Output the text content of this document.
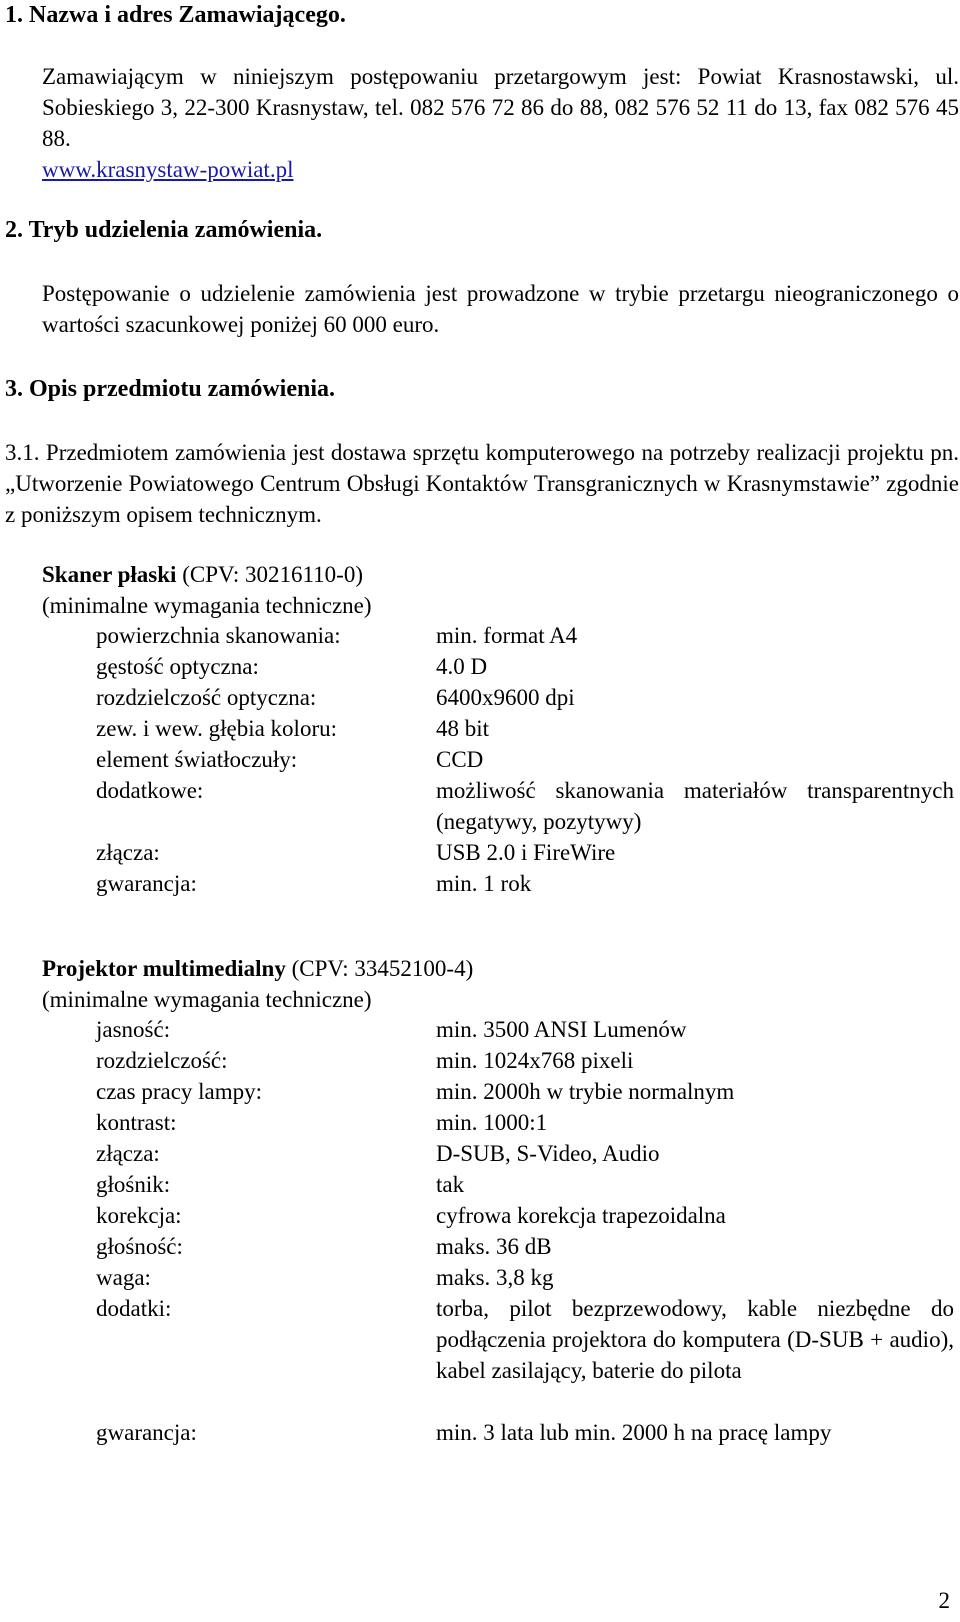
1. Nazwa i adres Zamawiającego.
Zamawiającym w niniejszym postępowaniu przetargowym jest: Powiat Krasnostawski, ul. Sobieskiego 3, 22-300 Krasnystaw, tel. 082 576 72 86 do 88, 082 576 52 11 do 13, fax 082 576 45 88.
www.krasnystaw-powiat.pl
2. Tryb udzielenia zamówienia.
Postępowanie o udzielenie zamówienia jest prowadzone w trybie przetargu nieograniczonego o wartości szacunkowej poniżej 60 000 euro.
3. Opis przedmiotu zamówienia.
3.1. Przedmiotem zamówienia jest dostawa sprzętu komputerowego na potrzeby realizacji projektu pn. „Utworzenie Powiatowego Centrum Obsługi Kontaktów Transgranicznych w Krasnymstawie” zgodnie z poniższym opisem technicznym.
Skaner płaski (CPV: 30216110-0)
(minimalne wymagania techniczne)
powierzchnia skanowania:	min. format A4
gęstość optyczna:	4.0 D
rozdzielczość optyczna:	6400x9600 dpi
zew. i wew. głębia koloru:	48 bit
element światłoczuły:	CCD
dodatkowe:	możliwość skanowania materiałów transparentnych (negatywy, pozytywy)
złącza:	USB 2.0 i FireWire
gwarancja:	min. 1 rok
Projektor multimedialny (CPV: 33452100-4)
(minimalne wymagania techniczne)
jasność:	min. 3500 ANSI Lumenów
rozdzielczość:	min. 1024x768 pixeli
czas pracy lampy:	min. 2000h w trybie normalnym
kontrast:	min. 1000:1
złącza:	D-SUB, S-Video, Audio
głośnik:	tak
korekcja:	cyfrowa korekcja trapezoidalna
głośność:	maks. 36 dB
waga:	maks. 3,8 kg
dodatki:	torba, pilot bezprzewodowy, kable niezbędne do podłączenia projektora do komputera (D-SUB + audio), kabel zasilający, baterie do pilota
gwarancja:	min. 3 lata lub min. 2000 h na pracę lampy
2
